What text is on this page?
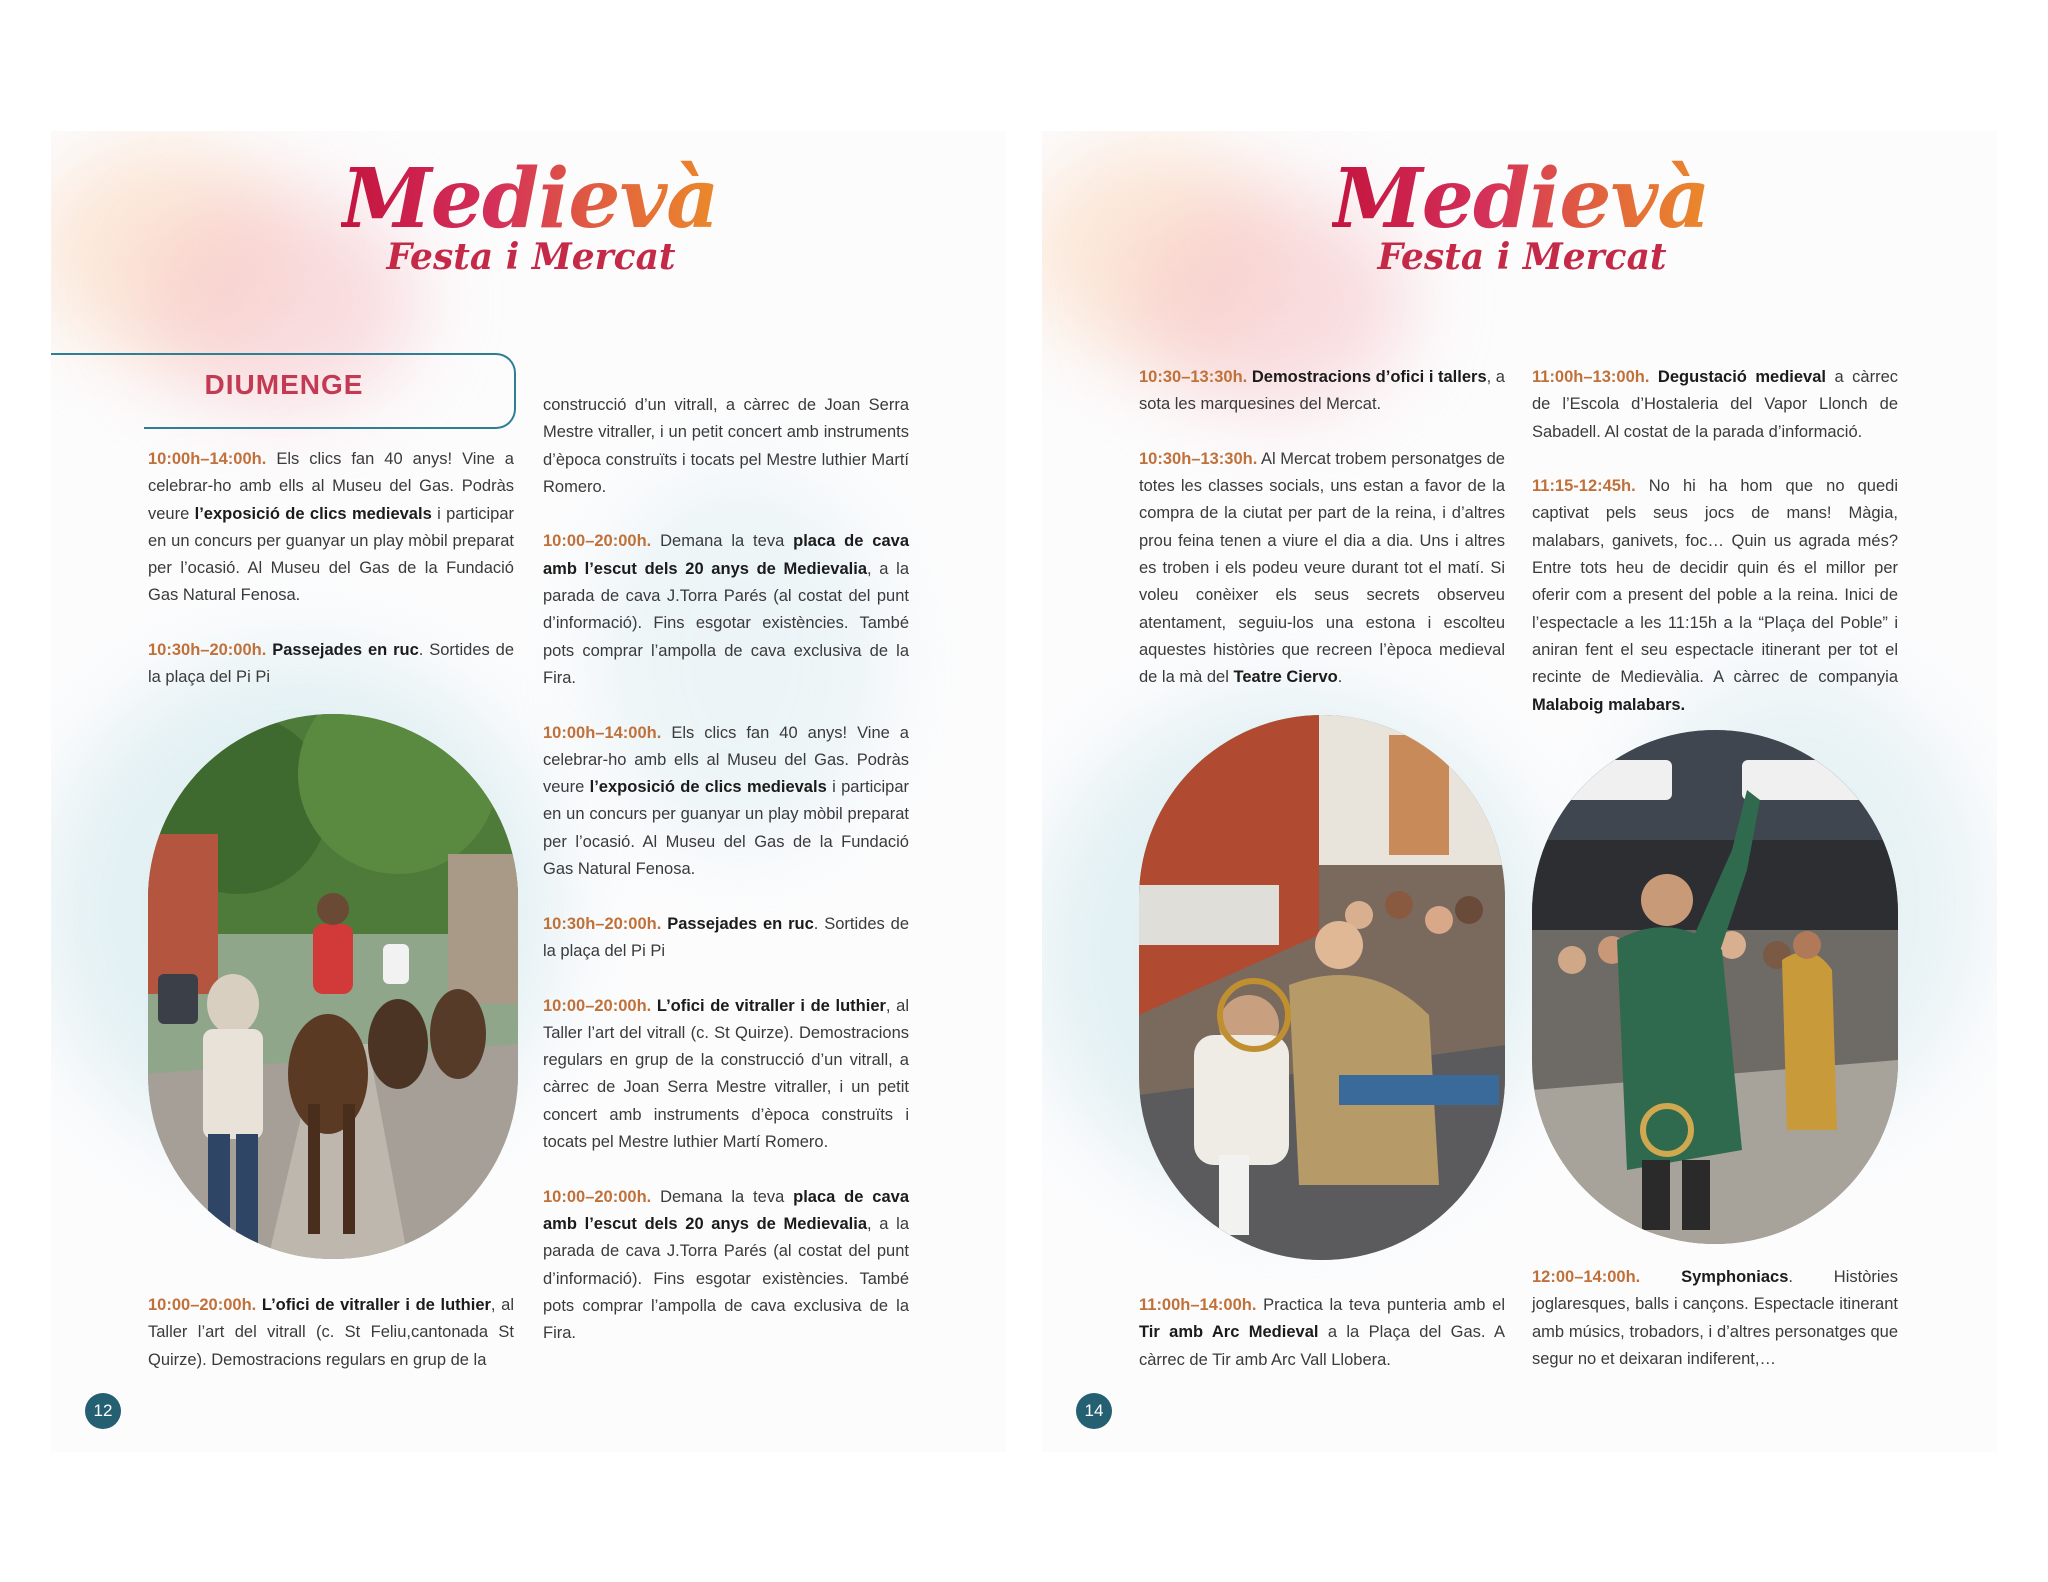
Medievàlia
Festa i Mercat
DIUMENGE

10:00h–14:00h. Els clics fan 40 anys! Vine a celebrar-ho amb ells al Museu del Gas. Podràs veure l’exposició de clics medievals i participar en un concurs per guanyar un play mòbil preparat per l’ocasió. Al Museu del Gas de la Fundació Gas Natural Fenosa.

10:30h–20:00h. Passejades en ruc. Sortides de la plaça del Pi Pi

10:00–20:00h. L’ofici de vitraller i de luthier, al Taller l’art del vitrall (c. St Feliu,cantonada St Quirze). Demostracions regulars en grup de la

construcció d’un vitrall, a càrrec de Joan Serra Mestre vitraller, i un petit concert amb instruments d’època construïts i tocats pel Mestre luthier Martí Romero.

10:00–20:00h. Demana la teva placa de cava amb l’escut dels 20 anys de Medievalia, a la parada de cava J.Torra Parés (al costat del punt d’informació). Fins esgotar existències. També pots comprar l’ampolla de cava exclusiva de la Fira.

10:00h–14:00h. Els clics fan 40 anys! Vine a celebrar-ho amb ells al Museu del Gas. Podràs veure l’exposició de clics medievals i participar en un concurs per guanyar un play mòbil preparat per l’ocasió. Al Museu del Gas de la Fundació Gas Natural Fenosa.

10:30h–20:00h. Passejades en ruc. Sortides de la plaça del Pi Pi

10:00–20:00h. L’ofici de vitraller i de luthier, al Taller l’art del vitrall (c. St Quirze). Demostracions regulars en grup de la construcció d’un vitrall, a càrrec de Joan Serra Mestre vitraller, i un petit concert amb instruments d’època construïts i tocats pel Mestre luthier Martí Romero.

10:00–20:00h. Demana la teva placa de cava amb l’escut dels 20 anys de Medievalia, a la parada de cava J.Torra Parés (al costat del punt d’informació). Fins esgotar existències. També pots comprar l’ampolla de cava exclusiva de la Fira.

12
Medievàlia
Festa i Mercat

10:30–13:30h. Demostracions d’ofici i tallers, a sota les marquesines del Mercat.

10:30h–13:30h. Al Mercat trobem personatges de totes les classes socials, uns estan a favor de la compra de la ciutat per part de la reina, i d’altres prou feina tenen a viure el dia a dia. Uns i altres es troben i els podeu veure durant tot el matí. Si voleu conèixer els seus secrets observeu atentament, seguiu-los una estona i escolteu aquestes històries que recreen l’època medieval de la mà del Teatre Ciervo.

11:00h–14:00h. Practica la teva punteria amb el Tir amb Arc Medieval a la Plaça del Gas. A càrrec de Tir amb Arc Vall Llobera.

11:00h–13:00h. Degustació medieval a càrrec de l’Escola d’Hostaleria del Vapor Llonch de Sabadell. Al costat de la parada d’informació.

11:15-12:45h. No hi ha hom que no quedi captivat pels seus jocs de mans! Màgia, malabars, ganivets, foc… Quin us agrada més? Entre tots heu de decidir quin és el millor per oferir com a present del poble a la reina. Inici de l’espectacle a les 11:15h a la “Plaça del Poble” i aniran fent el seu espectacle itinerant per tot el recinte de Medievàlia. A càrrec de companyia Malaboig malabars.

12:00–14:00h. Symphoniacs. Històries joglaresques, balls i cançons. Espectacle itinerant amb músics, trobadors, i d’altres personatges que segur no et deixaran indiferent,…

14
